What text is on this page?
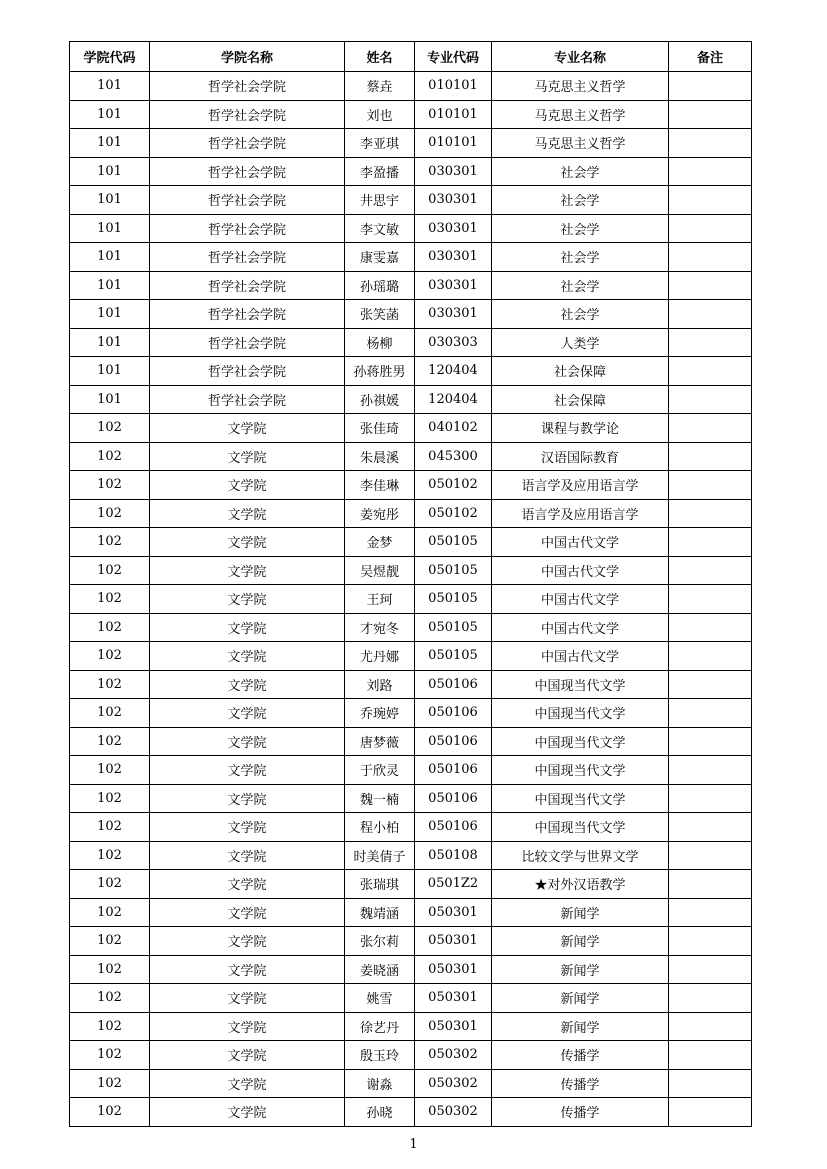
学院代码	学院名称	姓名	专业代码	专业名称	备注
101	哲学社会学院	蔡垚	010101	马克思主义哲学	
101	哲学社会学院	刘也	010101	马克思主义哲学	
101	哲学社会学院	李亚琪	010101	马克思主义哲学	
101	哲学社会学院	李盈播	030301	社会学	
101	哲学社会学院	井思宇	030301	社会学	
101	哲学社会学院	李文敏	030301	社会学	
101	哲学社会学院	康雯嘉	030301	社会学	
101	哲学社会学院	孙瑶璐	030301	社会学	
101	哲学社会学院	张笑菡	030301	社会学	
101	哲学社会学院	杨柳	030303	人类学	
101	哲学社会学院	孙蒋胜男	120404	社会保障	
101	哲学社会学院	孙祺媛	120404	社会保障	
102	文学院	张佳琦	040102	课程与教学论	
102	文学院	朱晨溪	045300	汉语国际教育	
102	文学院	李佳琳	050102	语言学及应用语言学	
102	文学院	姜宛彤	050102	语言学及应用语言学	
102	文学院	金梦	050105	中国古代文学	
102	文学院	吴煜靓	050105	中国古代文学	
102	文学院	王珂	050105	中国古代文学	
102	文学院	才宛冬	050105	中国古代文学	
102	文学院	尤丹娜	050105	中国古代文学	
102	文学院	刘路	050106	中国现当代文学	
102	文学院	乔琬婷	050106	中国现当代文学	
102	文学院	唐梦薇	050106	中国现当代文学	
102	文学院	于欣灵	050106	中国现当代文学	
102	文学院	魏一楠	050106	中国现当代文学	
102	文学院	程小柏	050106	中国现当代文学	
102	文学院	时美倩子	050108	比较文学与世界文学	
102	文学院	张瑞琪	0501Z2	★对外汉语教学	
102	文学院	魏靖涵	050301	新闻学	
102	文学院	张尔莉	050301	新闻学	
102	文学院	姜晓涵	050301	新闻学	
102	文学院	姚雪	050301	新闻学	
102	文学院	徐艺丹	050301	新闻学	
102	文学院	殷玉玲	050302	传播学	
102	文学院	谢淼	050302	传播学	
102	文学院	孙晓	050302	传播学	
1
